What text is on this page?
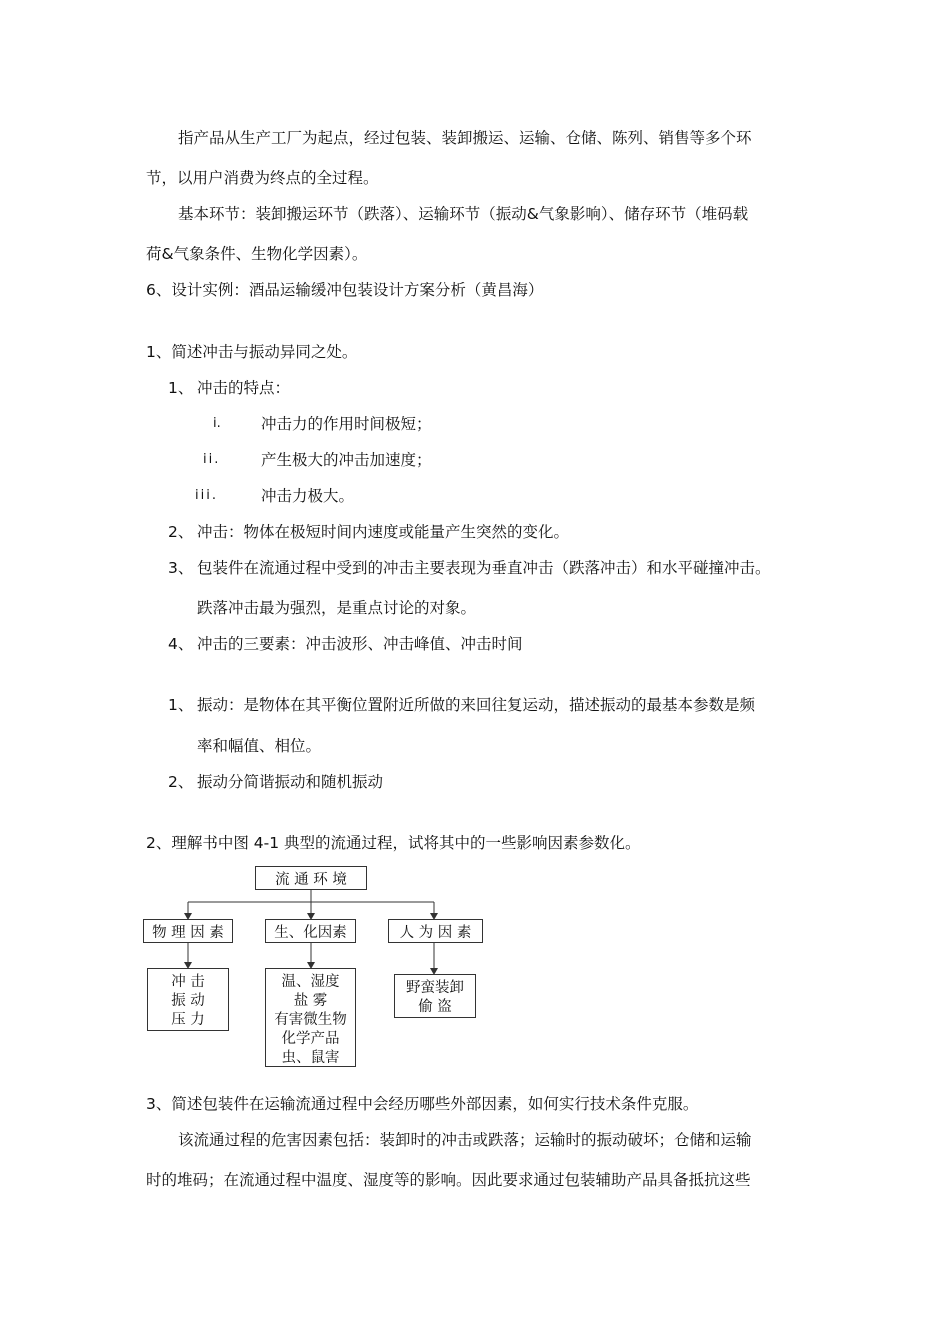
指产品从生产工厂为起点，经过包装、装卸搬运、运输、仓储、陈列、销售等多个环
节，以用户消费为终点的全过程。
基本环节：装卸搬运环节（跌落）、运输环节（振动&气象影响）、储存环节（堆码载
荷&气象条件、生物化学因素）。
6、设计实例：酒品运输缓冲包装设计方案分析（黄昌海）
1、简述冲击与振动异同之处。
1、 冲击的特点：
i.	冲击力的作用时间极短；
ii.	产生极大的冲击加速度；
iii.	冲击力极大。
2、 冲击：物体在极短时间内速度或能量产生突然的变化。
3、 包装件在流通过程中受到的冲击主要表现为垂直冲击（跌落冲击）和水平碰撞冲击。
跌落冲击最为强烈，是重点讨论的对象。
4、 冲击的三要素：冲击波形、冲击峰值、冲击时间
1、 振动：是物体在其平衡位置附近所做的来回往复运动，描述振动的最基本参数是频
率和幅值、相位。
2、 振动分简谐振动和随机振动
2、理解书中图 4-1 典型的流通过程，试将其中的一些影响因素参数化。
流 通 环 境
物 理 因 素	生、化因素	人 为 因 素
冲 击
振 动
压 力
温、湿度
盐 雾
有害微生物
化学产品
虫、鼠害
野蛮装卸
偷 盗
3、简述包装件在运输流通过程中会经历哪些外部因素，如何实行技术条件克服。
该流通过程的危害因素包括：装卸时的冲击或跌落；运输时的振动破坏；仓储和运输
时的堆码；在流通过程中温度、湿度等的影响。因此要求通过包装辅助产品具备抵抗这些
